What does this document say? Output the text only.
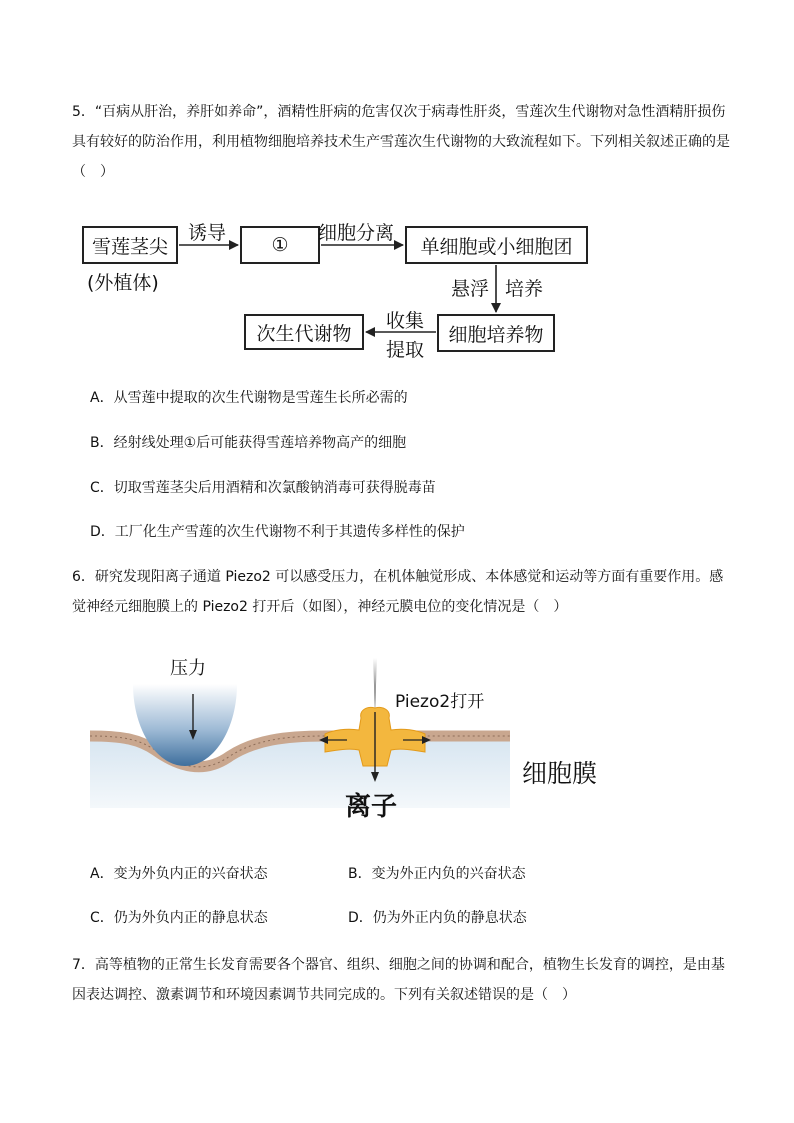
5．“百病从肝治，养肝如养命”，酒精性肝病的危害仅次于病毒性肝炎，雪莲次生代谢物对急性酒精肝损伤具有较好的防治作用，利用植物细胞培养技术生产雪莲次生代谢物的大致流程如下。下列相关叙述正确的是（　）
雪莲茎尖
(外植体)
诱导
①
细胞分离
单细胞或小细胞团
悬浮 培养
细胞培养物
收集
提取
次生代谢物
A．从雪莲中提取的次生代谢物是雪莲生长所必需的
B．经射线处理①后可能获得雪莲培养物高产的细胞
C．切取雪莲茎尖后用酒精和次氯酸钠消毒可获得脱毒苗
D．工厂化生产雪莲的次生代谢物不利于其遗传多样性的保护
6．研究发现阳离子通道 Piezo2 可以感受压力，在机体触觉形成、本体感觉和运动等方面有重要作用。感觉神经元细胞膜上的 Piezo2 打开后（如图），神经元膜电位的变化情况是（　）
压力
Piezo2打开
细胞膜
离子
A．变为外负内正的兴奋状态	B．变为外正内负的兴奋状态
C．仍为外负内正的静息状态	D．仍为外正内负的静息状态
7．高等植物的正常生长发育需要各个器官、组织、细胞之间的协调和配合，植物生长发育的调控，是由基因表达调控、激素调节和环境因素调节共同完成的。下列有关叙述错误的是（　）
